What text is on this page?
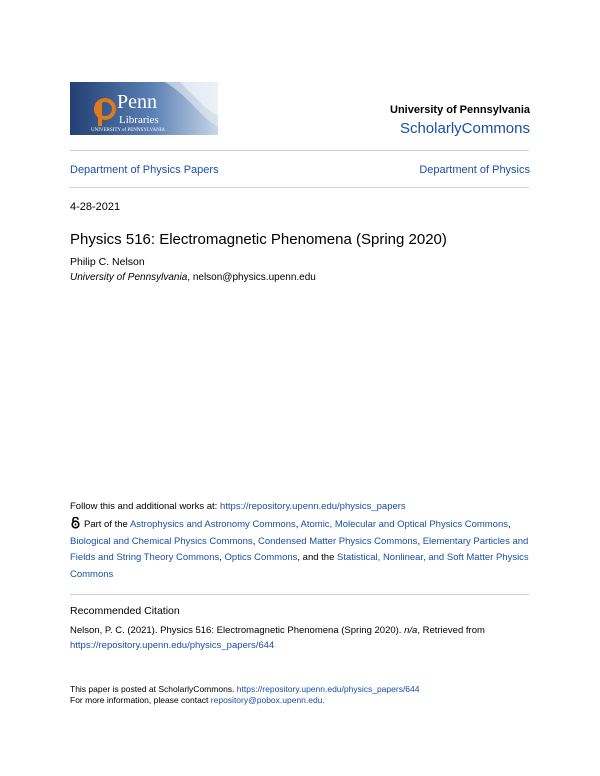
Penn
Libraries
UNIVERSITY of PENNSYLVANIA
University of Pennsylvania
ScholarlyCommons
Department of Physics Papers	Department of Physics
4-28-2021
Physics 516: Electromagnetic Phenomena (Spring 2020)
Philip C. Nelson
University of Pennsylvania, nelson@physics.upenn.edu
Follow this and additional works at: https://repository.upenn.edu/physics_papers
Part of the Astrophysics and Astronomy Commons, Atomic, Molecular and Optical Physics Commons, Biological and Chemical Physics Commons, Condensed Matter Physics Commons, Elementary Particles and Fields and String Theory Commons, Optics Commons, and the Statistical, Nonlinear, and Soft Matter Physics Commons
Recommended Citation
Nelson, P. C. (2021). Physics 516: Electromagnetic Phenomena (Spring 2020). n/a, Retrieved from
https://repository.upenn.edu/physics_papers/644
This paper is posted at ScholarlyCommons. https://repository.upenn.edu/physics_papers/644
For more information, please contact repository@pobox.upenn.edu.
